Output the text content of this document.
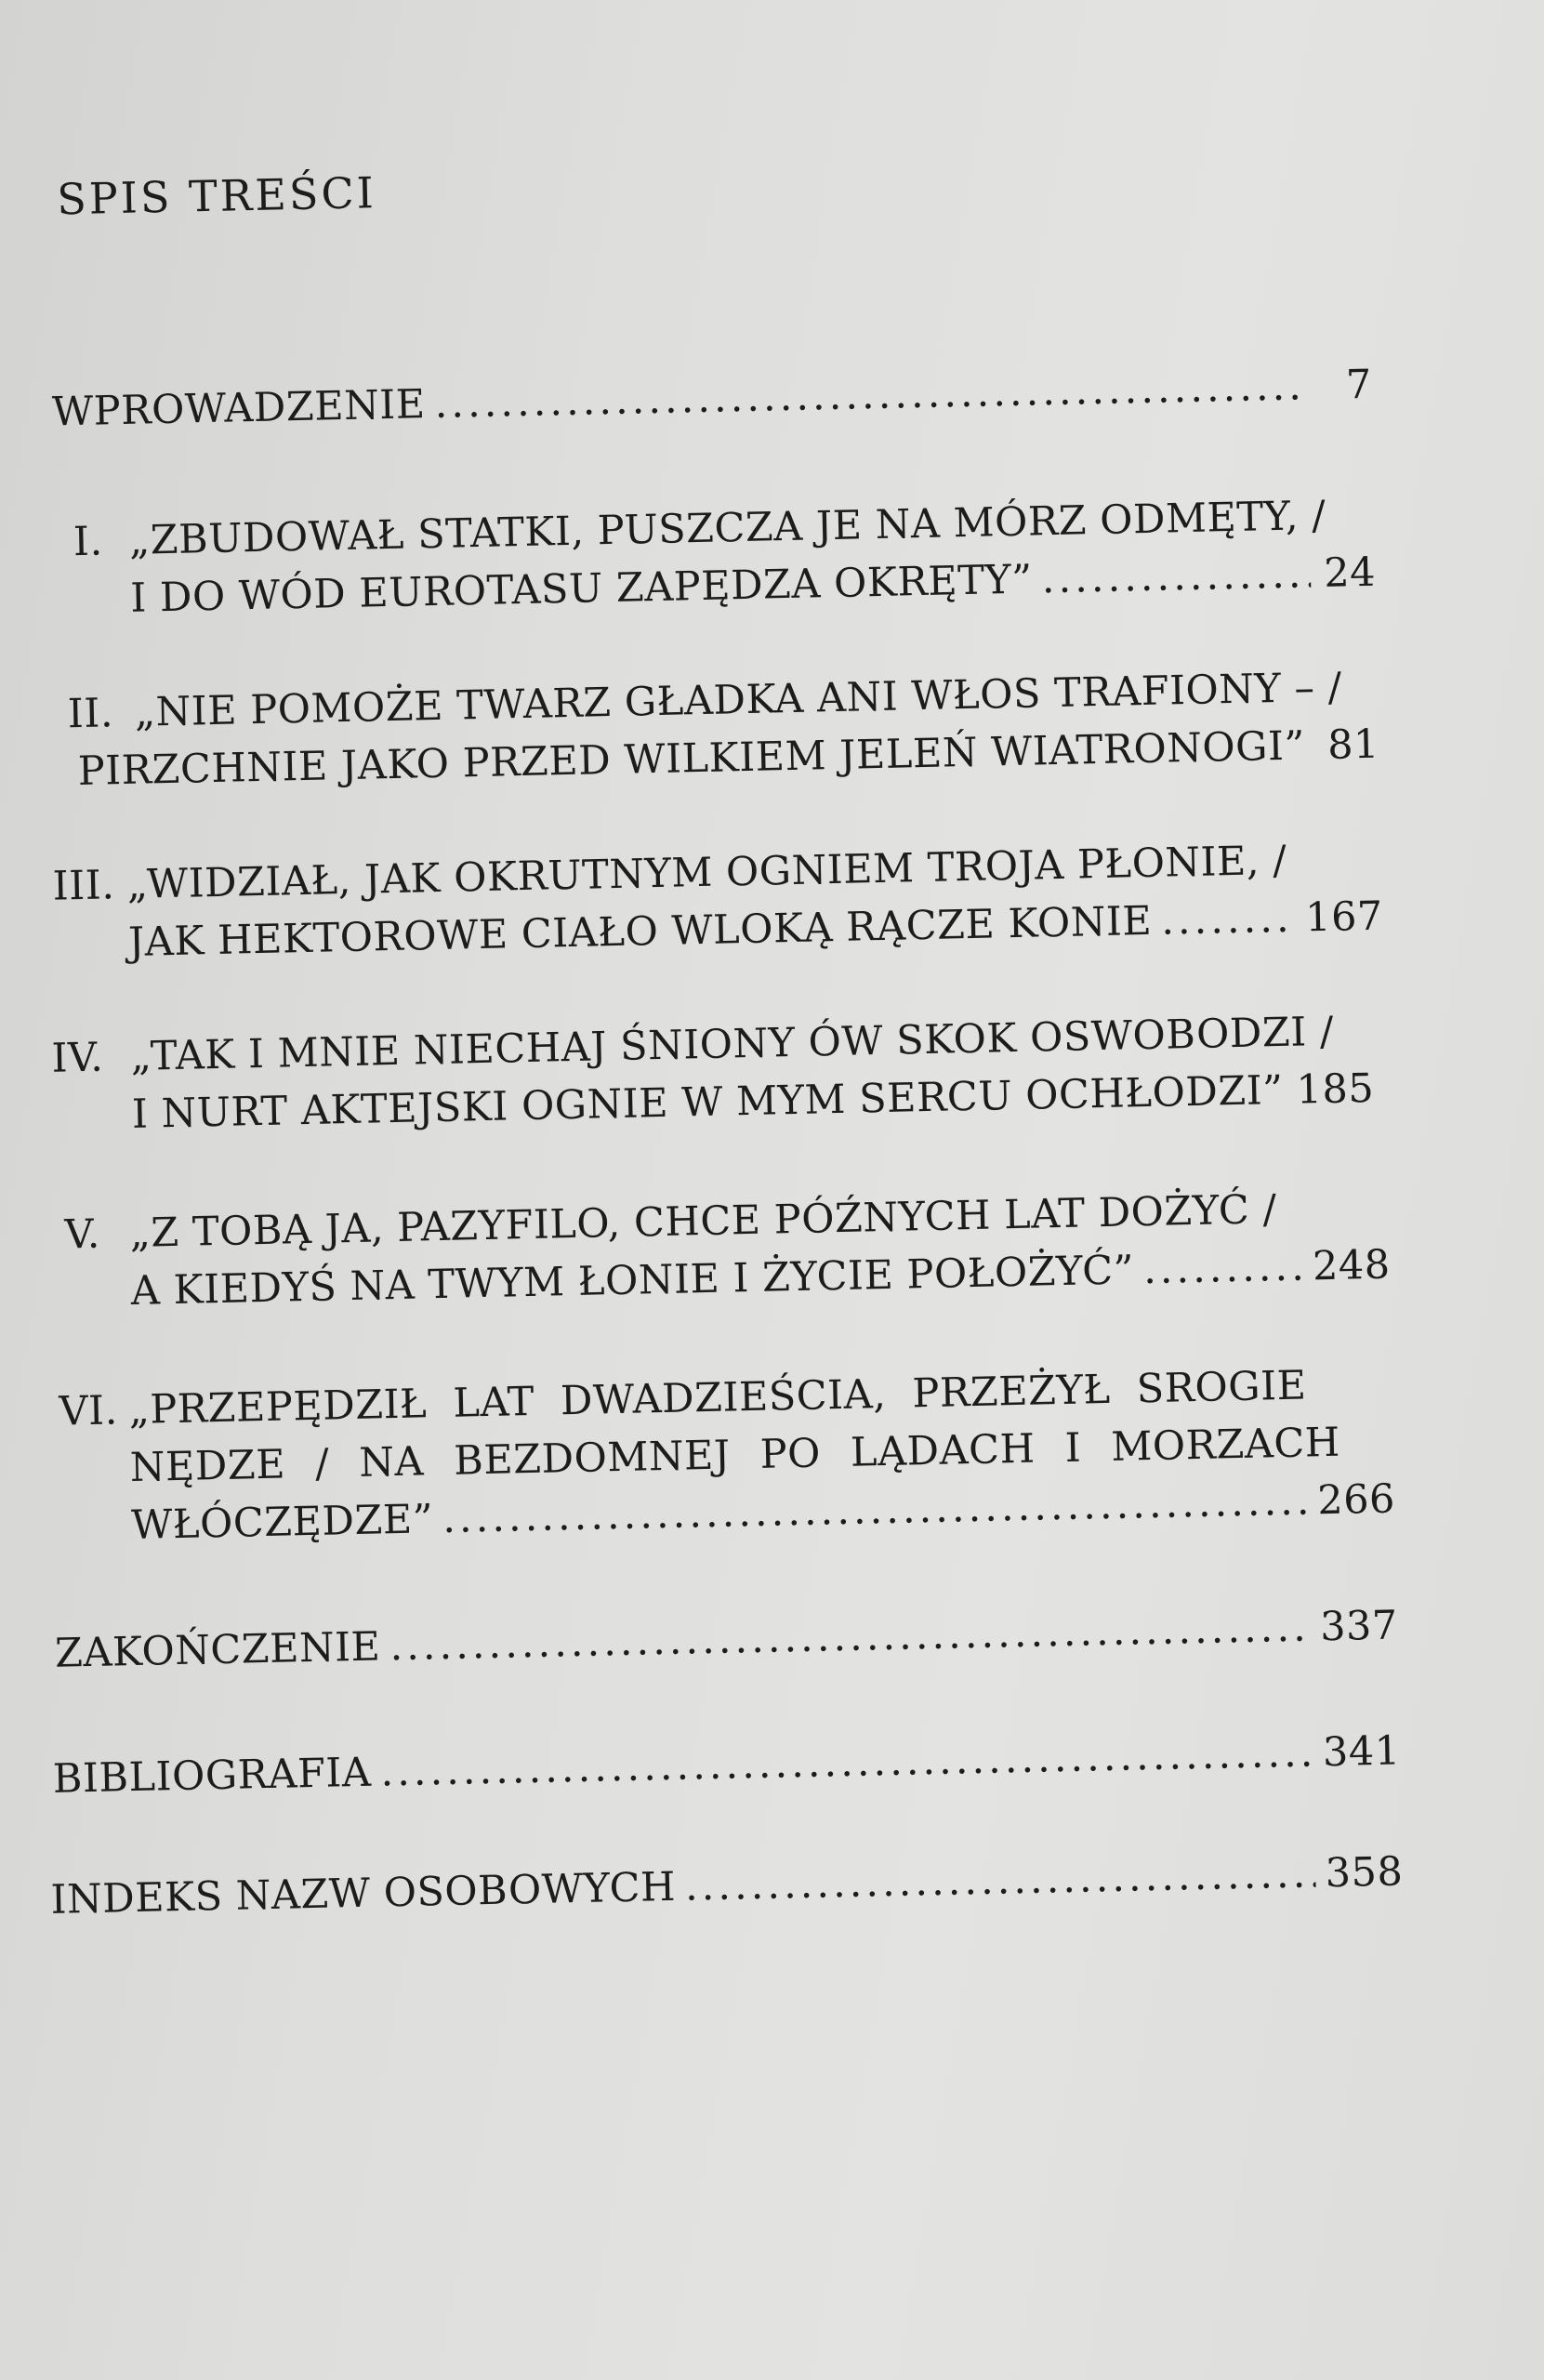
SPIS TREŚCI
WPROWADZENIE .....	7
I. „ZBUDOWAŁ STATKI, PUSZCZA JE NA MÓRZ ODMĘTY, /
I DO WÓD EUROTASU ZAPĘDZA OKRĘTY” .....	24
II. „NIE POMOŻE TWARZ GŁADKA ANI WŁOS TRAFIONY – /
PIRZCHNIE JAKO PRZED WILKIEM JELEŃ WIATRONOGI” ..... 81
III. „WIDZIAŁ, JAK OKRUTNYM OGNIEM TROJA PŁONIE, /
JAK HEKTOROWE CIAŁO WLOKĄ RĄCZE KONIE .....	167
IV. „TAK I MNIE NIECHAJ ŚNIONY ÓW SKOK OSWOBODZI /
I NURT AKTEJSKI OGNIE W MYM SERCU OCHŁODZI” 185
V. „Z TOBĄ JA, PAZYFILO, CHCE PÓŹNYCH LAT DOŻYĆ /
A KIEDYŚ NA TWYM ŁONIE I ŻYCIE POŁOŻYĆ” .....	248
VI. „PRZEPĘDZIŁ LAT DWADZIEŚCIA, PRZEŻYŁ SROGIE
NĘDZE / NA BEZDOMNEJ PO LĄDACH I MORZACH
WŁÓCZĘDZE” .....	266
ZAKOŃCZENIE .....	337
BIBLIOGRAFIA .....	341
INDEKS NAZW OSOBOWYCH .....	358
